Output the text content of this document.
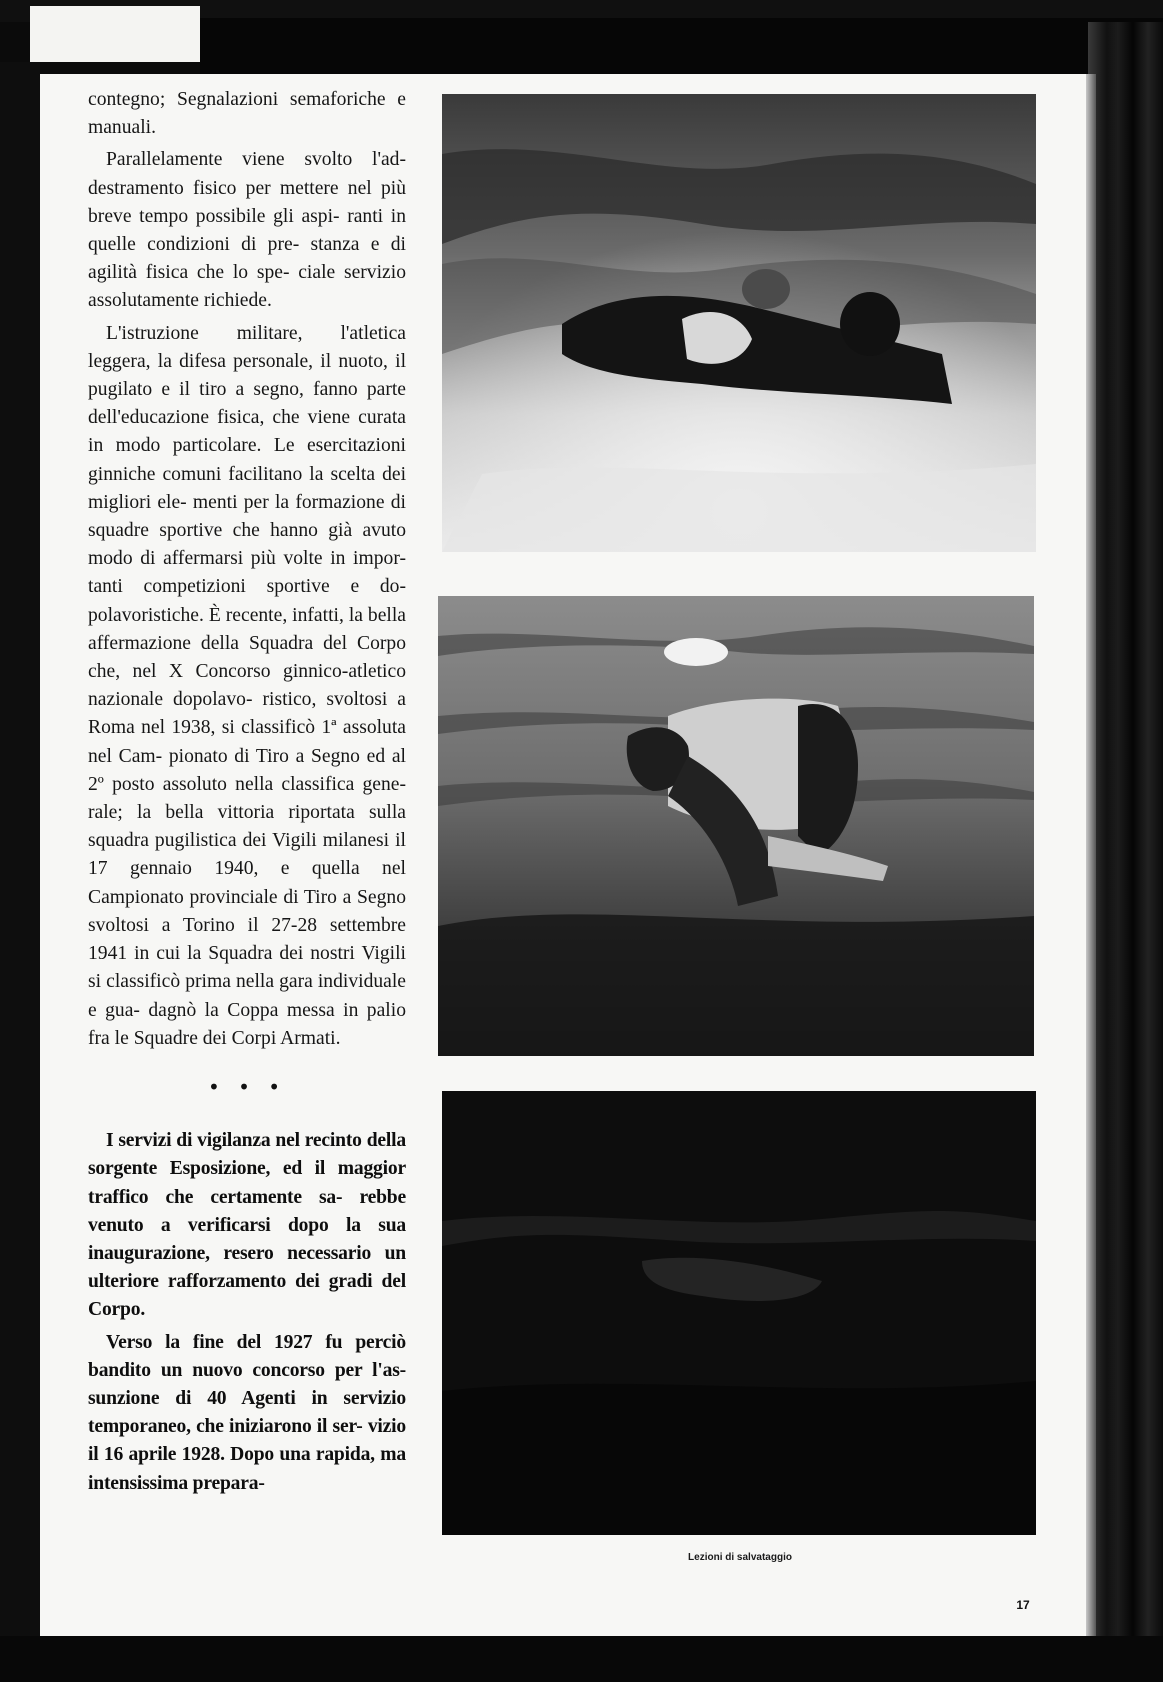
contegno; Segnalazioni semaforiche e manuali.

Parallelamente viene svolto l'ad- destramento fisico per mettere nel più breve tempo possibile gli aspi- ranti in quelle condizioni di pre- stanza e di agilità fisica che lo spe- ciale servizio assolutamente richiede.

L'istruzione militare, l'atletica leggera, la difesa personale, il nuoto, il pugilato e il tiro a segno, fanno parte dell'educazione fisica, che viene curata in modo particolare. Le esercitazioni ginniche comuni facilitano la scelta dei migliori ele- menti per la formazione di squadre sportive che hanno già avuto modo di affermarsi più volte in impor- tanti competizioni sportive e do- polavoristiche. È recente, infatti, la bella affermazione della Squadra del Corpo che, nel X Concorso ginnico-atletico nazionale dopolavo- ristico, svoltosi a Roma nel 1938, si classificò 1ª assoluta nel Cam- pionato di Tiro a Segno ed al 2º posto assoluto nella classifica gene- rale; la bella vittoria riportata sulla squadra pugilistica dei Vigili milanesi il 17 gennaio 1940, e quella nel Campionato provinciale di Tiro a Segno svoltosi a Torino il 27-28 settembre 1941 in cui la Squadra dei nostri Vigili si classificò prima nella gara individuale e gua- dagnò la Coppa messa in palio fra le Squadre dei Corpi Armati.

• • •

I servizi di vigilanza nel recinto della sorgente Esposizione, ed il maggior traffico che certamente sa- rebbe venuto a verificarsi dopo la sua inaugurazione, resero necessario un ulteriore rafforzamento dei gradi del Corpo.

Verso la fine del 1927 fu perciò bandito un nuovo concorso per l'as- sunzione di 40 Agenti in servizio temporaneo, che iniziarono il ser- vizio il 16 aprile 1928. Dopo una rapida, ma intensissima prepara-

Lezioni di salvataggio
17
